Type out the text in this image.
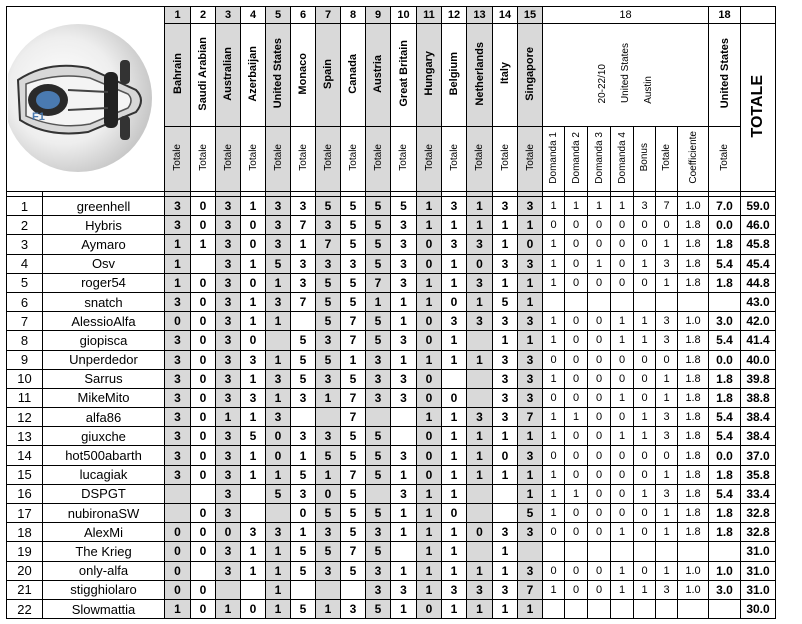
		1	2	3	4	5	6	7	8	9	10	11	12	13	14	15	18							18	
		Bahrain	Saudi Arabian	Australian	Azerbaijan	United States	Monaco	Spain	Canada	Austria	Great Britain	Hungary	Belgium	Netherlands	Italy	Singapore	20-22/10 United States Austin							United States	TOTALE
		Totale	Totale	Totale	Totale	Totale	Totale	Totale	Totale	Totale	Totale	Totale	Totale	Totale	Totale	Totale	Domanda 1	Domanda 2	Domanda 3	Domanda 4	Bonus	Totale	Coefficiente	Totale	

1	greenhell	3	0	3	1	3	3	5	5	5	5	1	3	1	3	3	1	1	1	1	3	7	1.0	7.0	59.0
2	Hybris	3	0	3	0	3	7	3	5	5	3	1	1	1	1	1	0	0	0	0	0	0	1.8	0.0	46.0
3	Aymaro	1	1	3	0	3	1	7	5	5	3	0	3	3	1	0	1	0	0	0	0	1	1.8	1.8	45.8
4	Osv	1		3	1	5	3	3	3	5	3	0	1	0	3	3	1	0	1	0	1	3	1.8	5.4	45.4
5	roger54	1	0	3	0	1	3	5	5	7	3	1	1	3	1	1	1	0	0	0	0	1	1.8	1.8	44.8
6	snatch	3	0	3	1	3	7	5	5	1	1	1	0	1	5	1									43.0
7	AlessioAlfa	0	0	3	1	1		5	7	5	1	0	3	3	3	3	1	0	0	1	1	3	1.0	3.0	42.0
8	giopisca	3	0	3	0		5	3	7	5	3	0	1		1	1	1	0	0	1	1	3	1.8	5.4	41.4
9	Unperdedor	3	0	3	3	1	5	5	1	3	1	1	1	1	3	3	0	0	0	0	0	0	1.8	0.0	40.0
10	Sarrus	3	0	3	1	3	5	3	5	3	3	0			3	3	1	0	0	0	0	1	1.8	1.8	39.8
11	MikeMito	3	0	3	3	1	3	1	7	3	3	0	0		3	3	0	0	0	1	0	1	1.8	1.8	38.8
12	alfa86	3	0	1	1	3			7			1	1	3	3	7	1	1	0	0	1	3	1.8	5.4	38.4
13	giuxche	3	0	3	5	0	3	3	5	5		0	1	1	1	1	1	0	0	1	1	3	1.8	5.4	38.4
14	hot500abarth	3	0	3	1	0	1	5	5	5	3	0	1	1	0	3	0	0	0	0	0	0	1.8	0.0	37.0
15	lucagiak	3	0	3	1	1	5	1	7	5	1	0	1	1	1	1	1	0	0	0	0	1	1.8	1.8	35.8
16	DSPGT			3		5	3	0	5		3	1	1			1	1	1	0	0	1	3	1.8	5.4	33.4
17	nubironaSW		0	3			0	5	5	5	1	1	0			5	1	0	0	0	0	1	1.8	1.8	32.8
18	AlexMi	0	0	0	3	3	1	3	5	3	1	1	1	0	3	3	0	0	0	1	0	1	1.8	1.8	32.8
19	The Krieg	0	0	3	1	1	5	5	7	5		1	1		1										31.0
20	only-alfa	0		3	1	1	5	3	5	3	1	1	1	1	1	3	0	0	0	1	0	1	1.0	1.0	31.0
21	stigghiolaro	0	0			1				3	3	1	3	3	3	7	1	0	0	1	1	3	1.0	3.0	31.0
22	Slowmattia	1	0	1	0	1	5	1	3	5	1	0	1	1	1	1									30.0
F1
